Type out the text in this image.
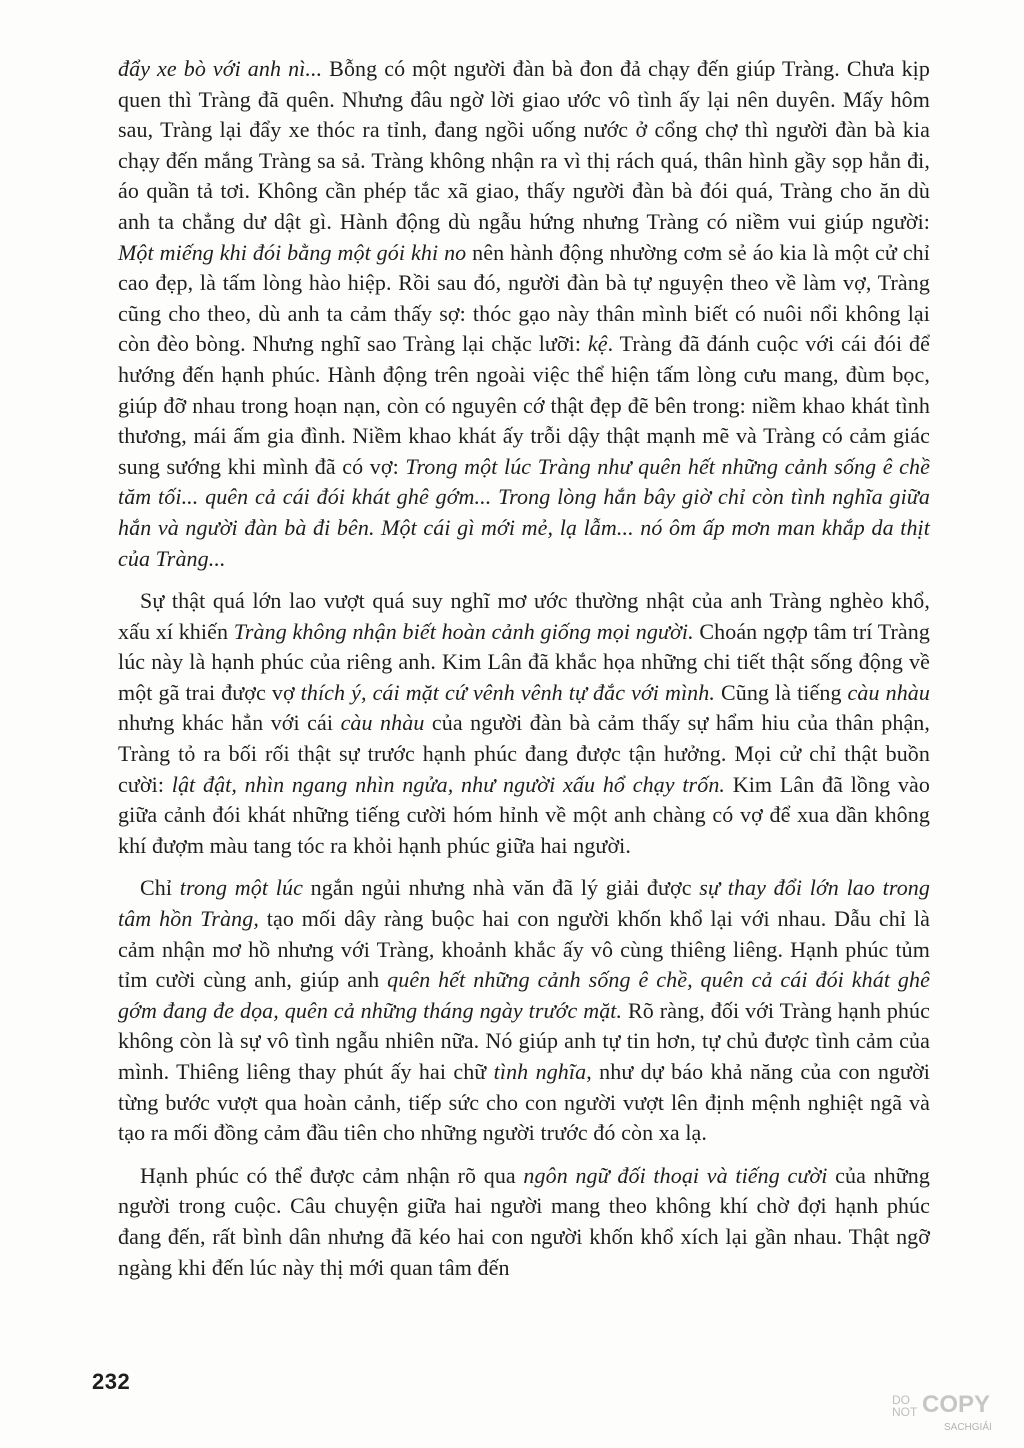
đẩy xe bò với anh nì... Bỗng có một người đàn bà đon đả chạy đến giúp Tràng. Chưa kịp quen thì Tràng đã quên. Nhưng đâu ngờ lời giao ước vô tình ấy lại nên duyên. Mấy hôm sau, Tràng lại đẩy xe thóc ra tỉnh, đang ngồi uống nước ở cổng chợ thì người đàn bà kia chạy đến mắng Tràng sa sả. Tràng không nhận ra vì thị rách quá, thân hình gầy sọp hẳn đi, áo quần tả tơi. Không cần phép tắc xã giao, thấy người đàn bà đói quá, Tràng cho ăn dù anh ta chẳng dư dật gì. Hành động dù ngẫu hứng nhưng Tràng có niềm vui giúp người: Một miếng khi đói bằng một gói khi no nên hành động nhường cơm sẻ áo kia là một cử chỉ cao đẹp, là tấm lòng hào hiệp. Rồi sau đó, người đàn bà tự nguyện theo về làm vợ, Tràng cũng cho theo, dù anh ta cảm thấy sợ: thóc gạo này thân mình biết có nuôi nổi không lại còn đèo bòng. Nhưng nghĩ sao Tràng lại chặc lưỡi: kệ. Tràng đã đánh cuộc với cái đói để hướng đến hạnh phúc. Hành động trên ngoài việc thể hiện tấm lòng cưu mang, đùm bọc, giúp đỡ nhau trong hoạn nạn, còn có nguyên cớ thật đẹp đẽ bên trong: niềm khao khát tình thương, mái ấm gia đình. Niềm khao khát ấy trỗi dậy thật mạnh mẽ và Tràng có cảm giác sung sướng khi mình đã có vợ: Trong một lúc Tràng như quên hết những cảnh sống ê chề tăm tối... quên cả cái đói khát ghê gớm... Trong lòng hắn bây giờ chỉ còn tình nghĩa giữa hắn và người đàn bà đi bên. Một cái gì mới mẻ, lạ lẫm... nó ôm ấp mơn man khắp da thịt của Tràng...

Sự thật quá lớn lao vượt quá suy nghĩ mơ ước thường nhật của anh Tràng nghèo khổ, xấu xí khiến Tràng không nhận biết hoàn cảnh giống mọi người. Choán ngợp tâm trí Tràng lúc này là hạnh phúc của riêng anh. Kim Lân đã khắc họa những chi tiết thật sống động về một gã trai được vợ thích ý, cái mặt cứ vênh vênh tự đắc với mình. Cũng là tiếng càu nhàu nhưng khác hẳn với cái càu nhàu của người đàn bà cảm thấy sự hẩm hiu của thân phận, Tràng tỏ ra bối rối thật sự trước hạnh phúc đang được tận hưởng. Mọi cử chỉ thật buồn cười: lật đật, nhìn ngang nhìn ngửa, như người xấu hổ chạy trốn. Kim Lân đã lồng vào giữa cảnh đói khát những tiếng cười hóm hỉnh về một anh chàng có vợ để xua dần không khí đượm màu tang tóc ra khỏi hạnh phúc giữa hai người.

Chỉ trong một lúc ngắn ngủi nhưng nhà văn đã lý giải được sự thay đổi lớn lao trong tâm hồn Tràng, tạo mối dây ràng buộc hai con người khốn khổ lại với nhau. Dẫu chỉ là cảm nhận mơ hồ nhưng với Tràng, khoảnh khắc ấy vô cùng thiêng liêng. Hạnh phúc tủm tỉm cười cùng anh, giúp anh quên hết những cảnh sống ê chề, quên cả cái đói khát ghê gớm đang đe dọa, quên cả những tháng ngày trước mặt. Rõ ràng, đối với Tràng hạnh phúc không còn là sự vô tình ngẫu nhiên nữa. Nó giúp anh tự tin hơn, tự chủ được tình cảm của mình. Thiêng liêng thay phút ấy hai chữ tình nghĩa, như dự báo khả năng của con người từng bước vượt qua hoàn cảnh, tiếp sức cho con người vượt lên định mệnh nghiệt ngã và tạo ra mối đồng cảm đầu tiên cho những người trước đó còn xa lạ.

Hạnh phúc có thể được cảm nhận rõ qua ngôn ngữ đối thoại và tiếng cười của những người trong cuộc. Câu chuyện giữa hai người mang theo không khí chờ đợi hạnh phúc đang đến, rất bình dân nhưng đã kéo hai con người khốn khổ xích lại gần nhau. Thật ngỡ ngàng khi đến lúc này thị mới quan tâm đến

232
DO
NOT COPY
SACHGIẢI
